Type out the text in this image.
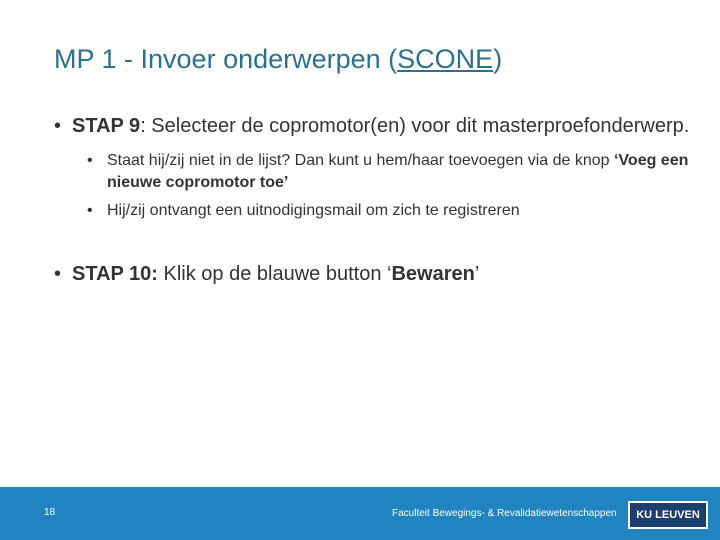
MP 1 - Invoer onderwerpen (SCONE)
• STAP 9: Selecteer de copromotor(en) voor dit masterproefonderwerp.
• Staat hij/zij niet in de lijst? Dan kunt u hem/haar toevoegen via de knop ‘Voeg een nieuwe copromotor toe’
• Hij/zij ontvangt een uitnodigingsmail om zich te registreren
• STAP 10: Klik op de blauwe button ‘Bewaren’
18	Faculteit Bewegings- & Revalidatiewetenschappen	KU LEUVEN
